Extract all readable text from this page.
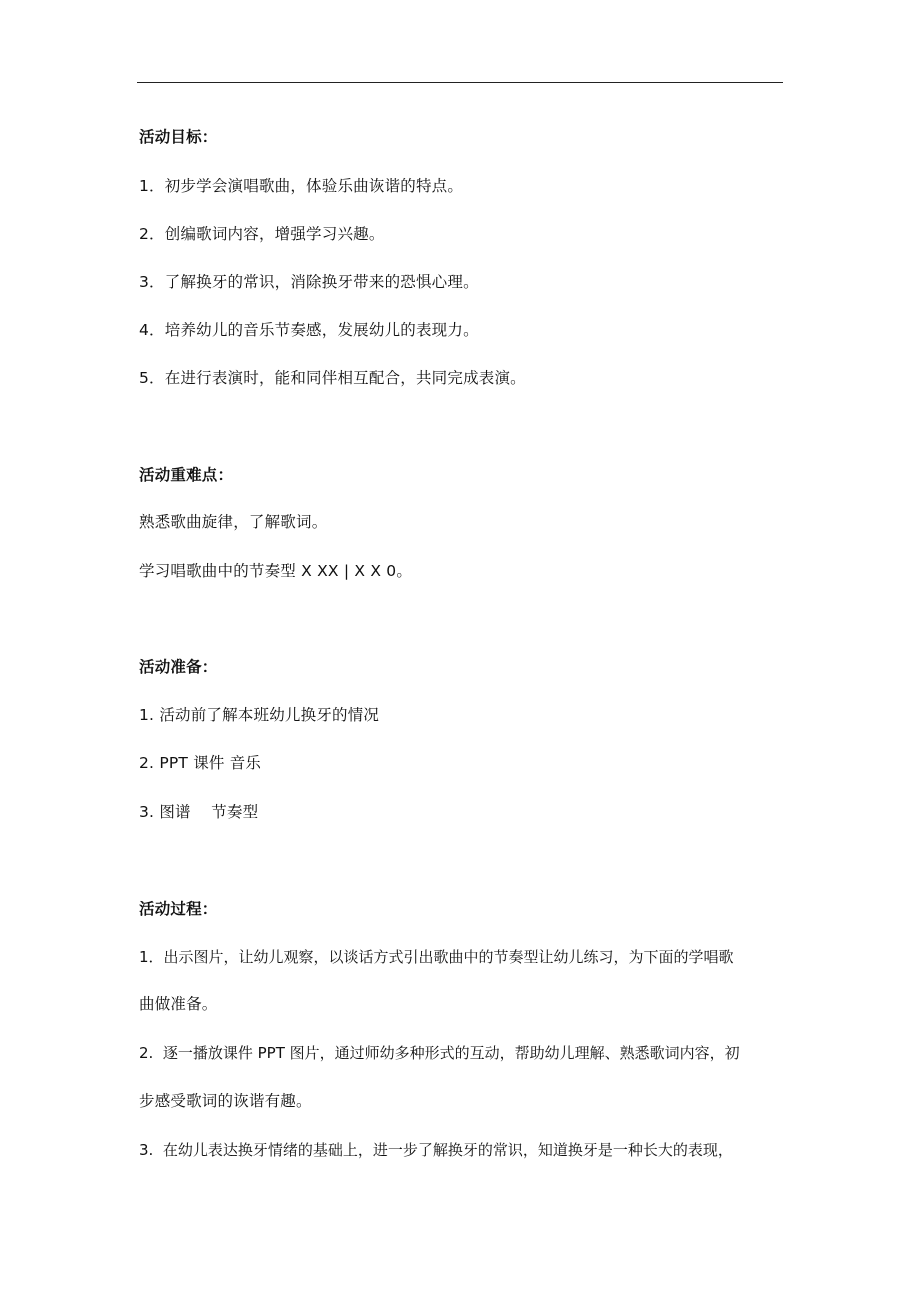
活动目标：
1．初步学会演唱歌曲，体验乐曲诙谐的特点。
2．创编歌词内容，增强学习兴趣。
3．了解换牙的常识，消除换牙带来的恐惧心理。
4．培养幼儿的音乐节奏感，发展幼儿的表现力。
5．在进行表演时，能和同伴相互配合，共同完成表演。
活动重难点：
熟悉歌曲旋律，了解歌词。
学习唱歌曲中的节奏型 X XX | X X 0。
活动准备：
1. 活动前了解本班幼儿换牙的情况
2. PPT 课件 音乐
3. 图谱    节奏型
活动过程：
1．出示图片，让幼儿观察，以谈话方式引出歌曲中的节奏型让幼儿练习，为下面的学唱歌
曲做准备。
2.  逐一播放课件 PPT 图片，通过师幼多种形式的互动，帮助幼儿理解、熟悉歌词内容，初
步感受歌词的诙谐有趣。
3.  在幼儿表达换牙情绪的基础上，进一步了解换牙的常识，知道换牙是一种长大的表现，
